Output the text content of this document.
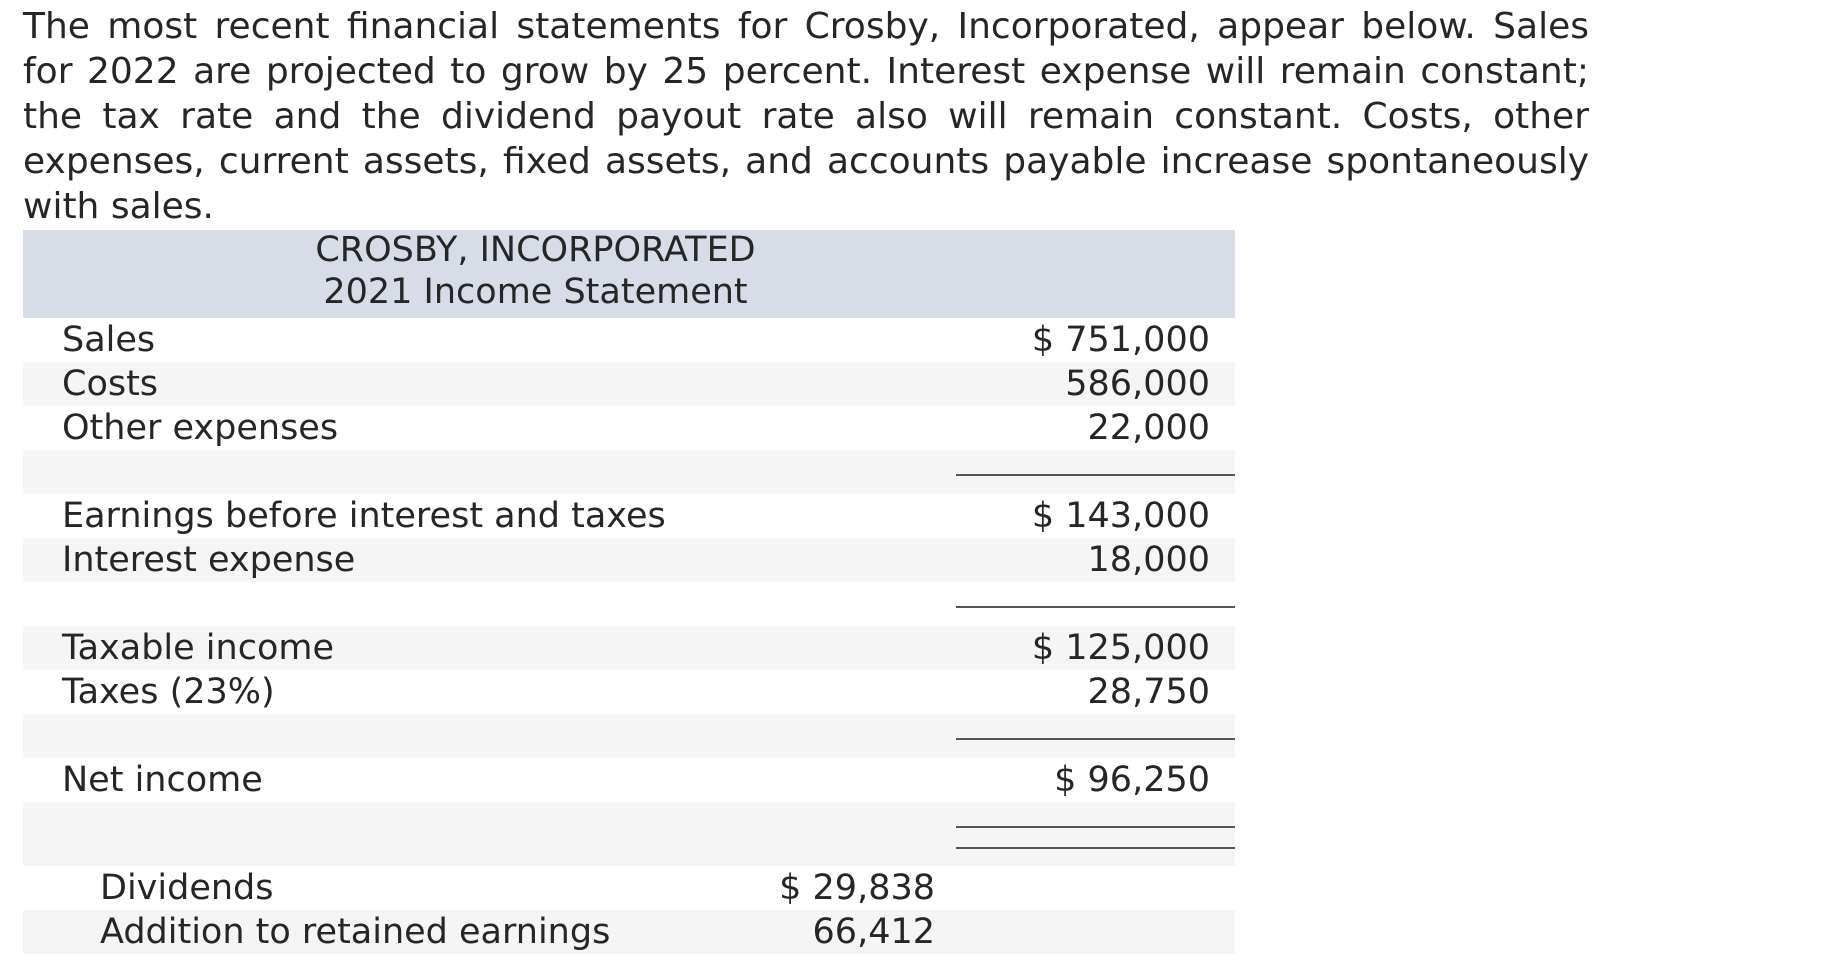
The most recent financial statements for Crosby, Incorporated, appear below. Sales for 2022 are projected to grow by 25 percent. Interest expense will remain constant; the tax rate and the dividend payout rate also will remain constant. Costs, other expenses, current assets, fixed assets, and accounts payable increase spontaneously with sales.

CROSBY, INCORPORATED
2021 Income Statement
Sales	$ 751,000
Costs	586,000
Other expenses	22,000
Earnings before interest and taxes	$ 143,000
Interest expense	18,000
Taxable income	$ 125,000
Taxes (23%)	28,750
Net income	$ 96,250
Dividends	$ 29,838
Addition to retained earnings	66,412
